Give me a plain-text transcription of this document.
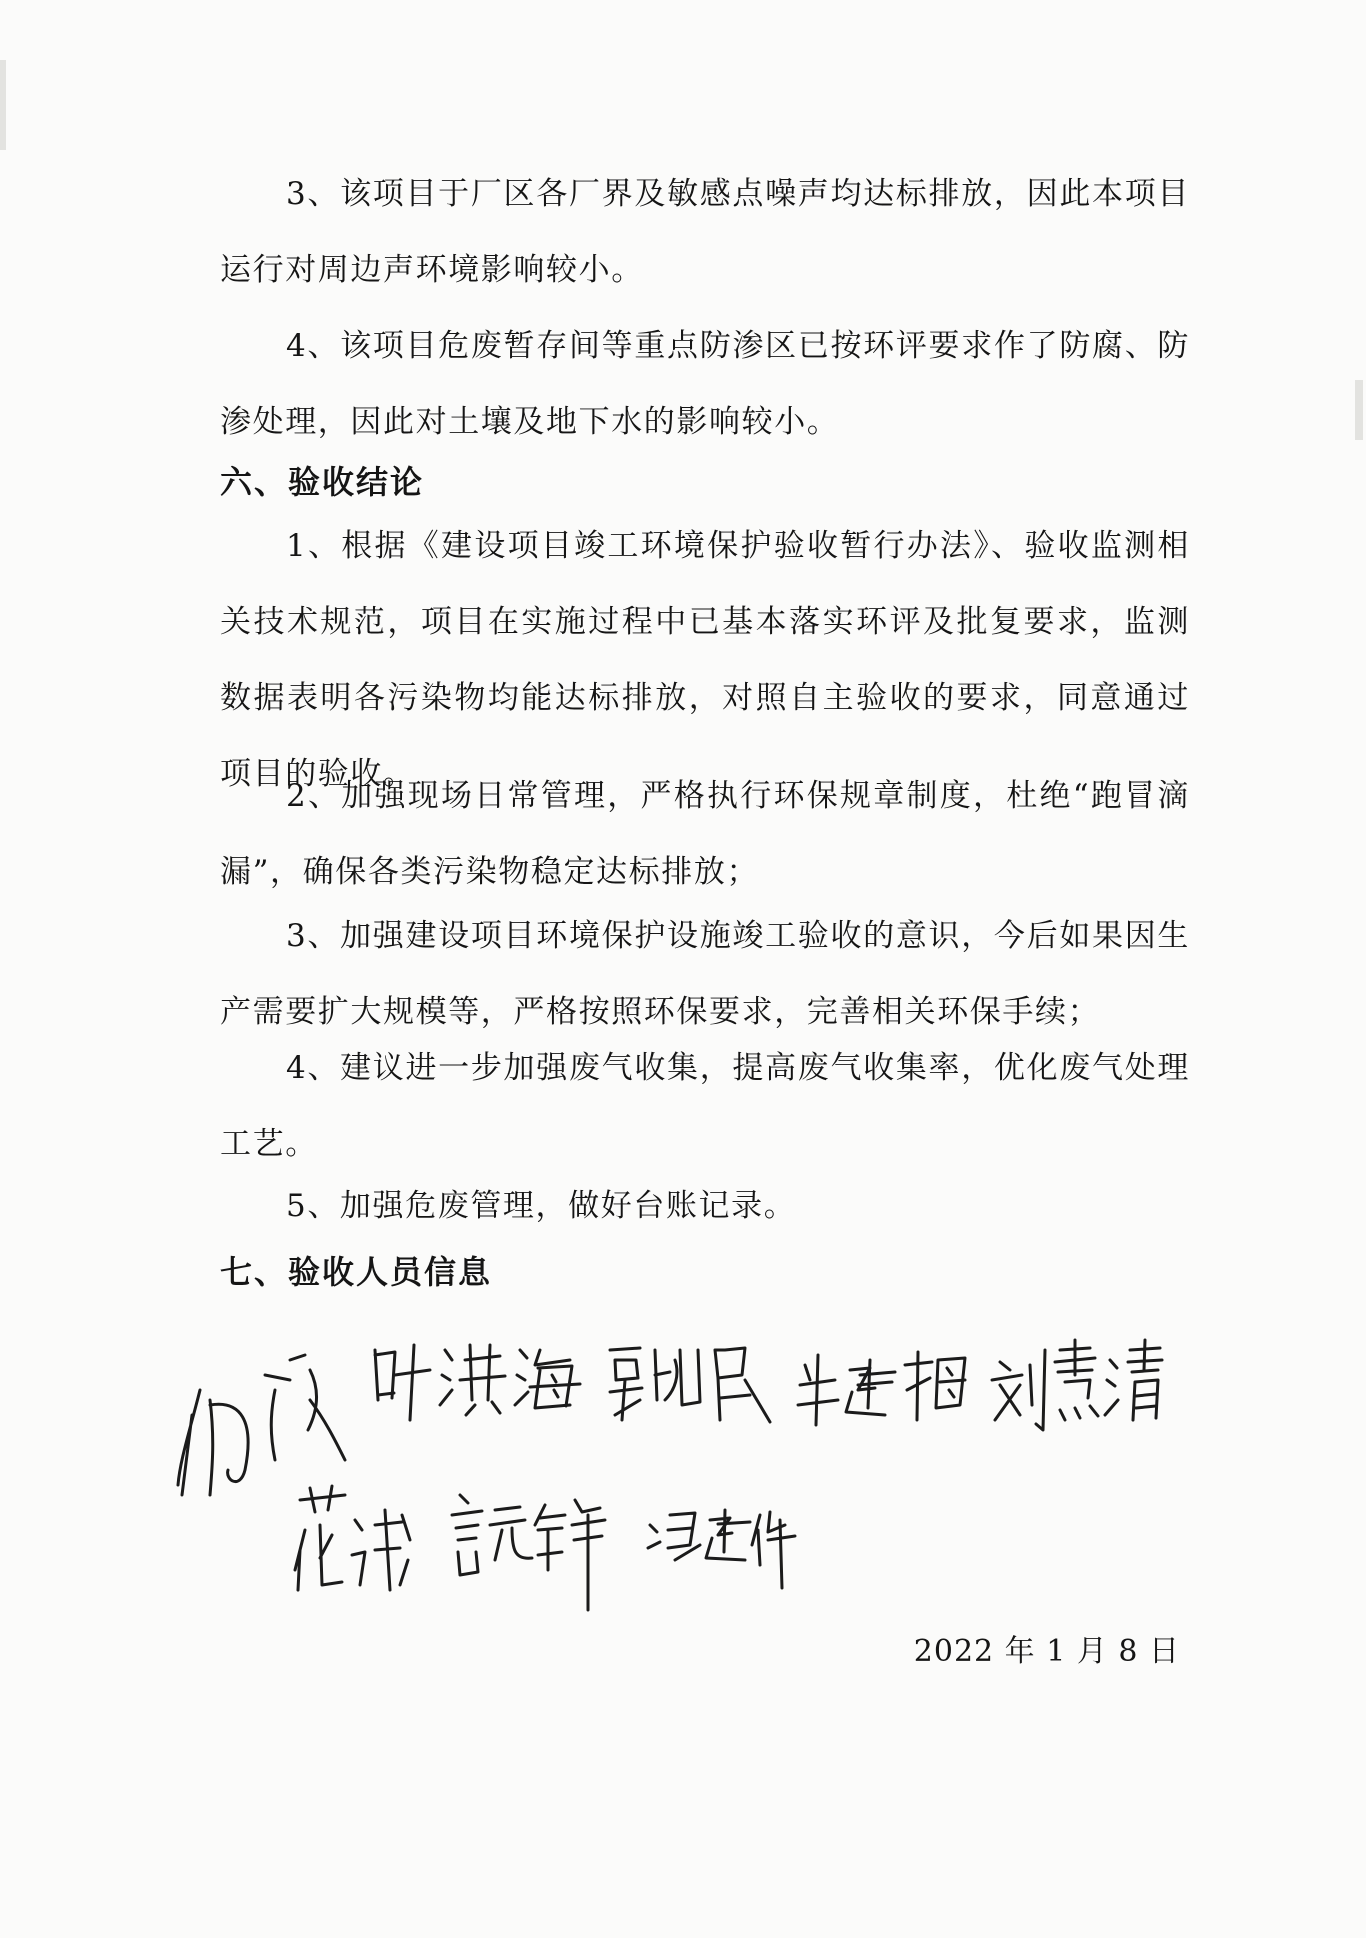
3、该项目于厂区各厂界及敏感点噪声均达标排放，因此本项目运行对周边声环境影响较小。

4、该项目危废暂存间等重点防渗区已按环评要求作了防腐、防渗处理，因此对土壤及地下水的影响较小。

六、验收结论

1、根据《建设项目竣工环境保护验收暂行办法》、验收监测相关技术规范，项目在实施过程中已基本落实环评及批复要求，监测数据表明各污染物均能达标排放，对照自主验收的要求，同意通过项目的验收。

2、加强现场日常管理，严格执行环保规章制度，杜绝“跑冒滴漏”，确保各类污染物稳定达标排放；

3、加强建设项目环境保护设施竣工验收的意识，今后如果因生产需要扩大规模等，严格按照环保要求，完善相关环保手续；

4、建议进一步加强废气收集，提高废气收集率，优化废气处理工艺。

5、加强危废管理，做好台账记录。

七、验收人员信息
2022 年 1 月 8 日
